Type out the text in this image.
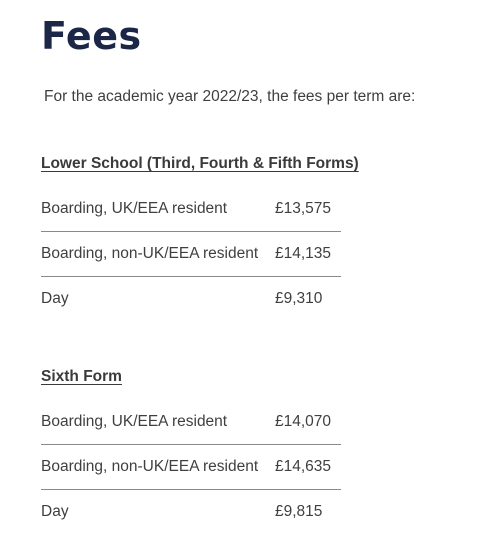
Fees

For the academic year 2022/23, the fees per term are:

Lower School (Third, Fourth & Fifth Forms)
Boarding, UK/EEA resident	£13,575
Boarding, non-UK/EEA resident	£14,135
Day	£9,310
Sixth Form
Boarding, UK/EEA resident	£14,070
Boarding, non-UK/EEA resident	£14,635
Day	£9,815
